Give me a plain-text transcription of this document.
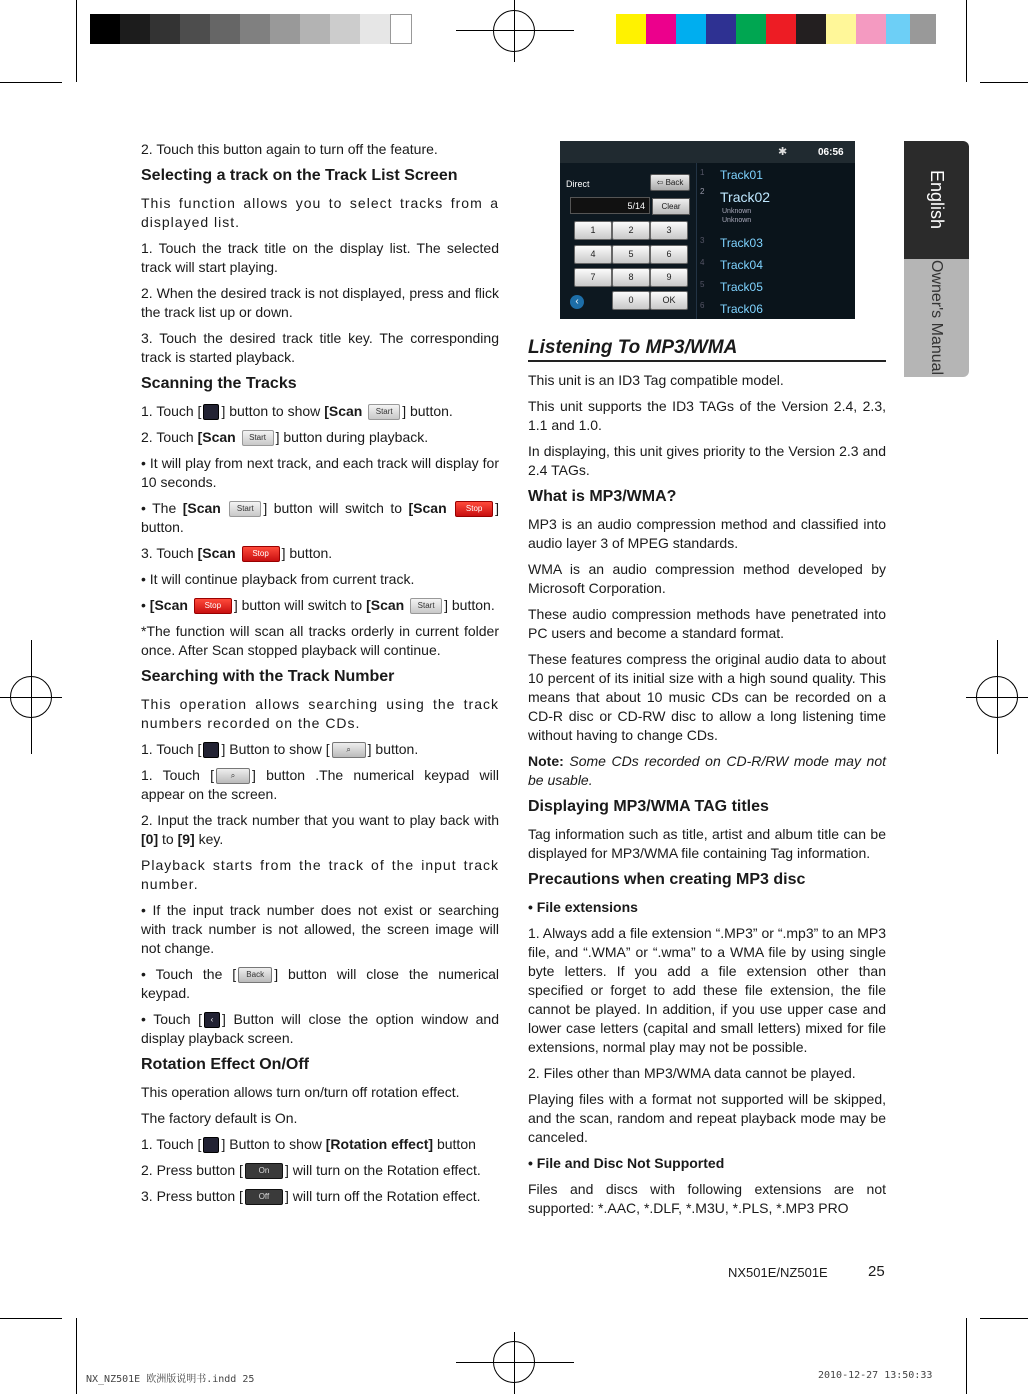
English
Owner's Manual

2. Touch this button again to turn off the feature.

Selecting a track on the Track List Screen

This function allows you to select tracks from a displayed list.

1. Touch the track title on the display list. The selected track will start playing.

2. When the desired track is not displayed, press and flick the track list up or down.

3. Touch the desired track title key. The corresponding track is started playback.

Scanning the Tracks

1. Touch [ ] button to show [Scan Start ] button.

2. Touch [Scan Start ] button during playback.

• It will play from next track, and each track will display for 10 seconds.

• The [Scan Start ] button will switch to [Scan Stop ] button.

3. Touch [Scan Stop ] button.

• It will continue playback from current track.

• [Scan Stop ] button will switch to [Scan Start ] button.

*The function will scan all tracks orderly in current folder once. After Scan stopped playback will continue.

Searching with the Track Number

This operation allows searching using the track numbers recorded on the CDs.

1. Touch [ ] Button to show [ ⌕ ] button.

1. Touch [ ⌕ ] button .The numerical keypad will appear on the screen.

2. Input the track number that you want to play back with [0] to [9] key.

Playback starts from the track of the input track number.

• If the input track number does not exist or searching with track number is not allowed, the screen image will not change.

• Touch the [ Back ] button will close the numerical keypad.

• Touch [ ‹ ] Button will close the option window and display playback screen.

Rotation Effect On/Off

This operation allows turn on/turn off rotation effect.

The factory default is On.

1. Touch [ ] Button to show [Rotation effect] button

2. Press button [ On ] will turn on the Rotation effect.

3. Press button [ Off ] will turn off the Rotation effect.

✱	06:56
Direct	⇦ Back
5/14	Clear
1	2	3
4	5	6
7	8	9
0	OK
‹
1 Track01
2 Track02
Unknown
Unknown
3 Track03
4 Track04
5 Track05
6 Track06
Listening To MP3/WMA

This unit is an ID3 Tag compatible model.

This unit supports the ID3 TAGs of the Version 2.4, 2.3, 1.1 and 1.0.

In displaying, this unit gives priority to the Version 2.3 and 2.4 TAGs.

What is MP3/WMA?

MP3 is an audio compression method and classified into audio layer 3 of MPEG standards.

WMA is an audio compression method developed by Microsoft Corporation.

These audio compression methods have penetrated into PC users and become a standard format.

These features compress the original audio data to about 10 percent of its initial size with a high sound quality. This means that about 10 music CDs can be recorded on a CD-R disc or CD-RW disc to allow a long listening time without having to change CDs.

Note: Some CDs recorded on CD-R/RW mode may not be usable.

Displaying MP3/WMA TAG titles

Tag information such as title, artist and album title can be displayed for MP3/WMA file containing Tag information.

Precautions when creating MP3 disc

• File extensions

1. Always add a file extension “.MP3” or “.mp3” to an MP3 file, and “.WMA” or “.wma” to a WMA file by using single byte letters. If you add a file extension other than specified or forget to add these file extension, the file cannot be played. In addition, if you use upper case and lower case letters (capital and small letters) mixed for file extensions, normal play may not be possible.

2. Files other than MP3/WMA data cannot be played.

Playing files with a format not supported will be skipped, and the scan, random and repeat playback mode may be canceled.

• File and Disc Not Supported

Files and discs with following extensions are not supported: *.AAC, *.DLF, *.M3U, *.PLS, *.MP3 PRO

NX501E/NZ501E	25
NX_NZ501E 欧洲版说明书.indd 25	2010-12-27 13:50:33
